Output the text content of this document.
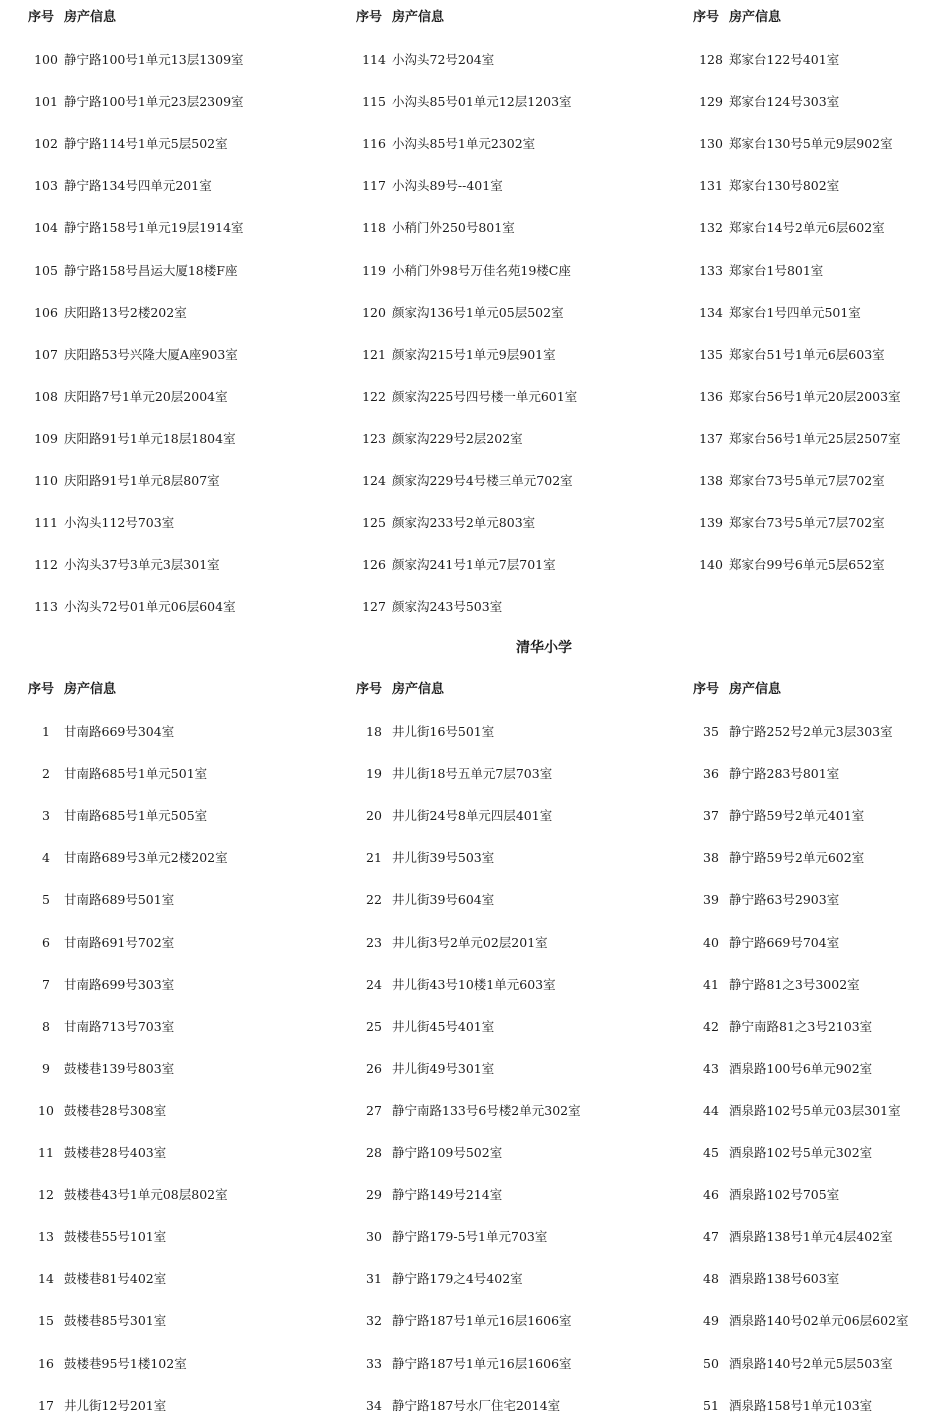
序号 房产信息
100 静宁路100号1单元13层1309室
101 静宁路100号1单元23层2309室
102 静宁路114号1单元5层502室
103 静宁路134号四单元201室
104 静宁路158号1单元19层1914室
105 静宁路158号昌运大厦18楼F座
106 庆阳路13号2楼202室
107 庆阳路53号兴隆大厦A座903室
108 庆阳路7号1单元20层2004室
109 庆阳路91号1单元18层1804室
110 庆阳路91号1单元8层807室
111 小沟头112号703室
112 小沟头37号3单元3层301室
113 小沟头72号01单元06层604室
序号 房产信息
114 小沟头72号204室
115 小沟头85号01单元12层1203室
116 小沟头85号1单元2302室
117 小沟头89号--401室
118 小稍门外250号801室
119 小稍门外98号万佳名苑19楼C座
120 颜家沟136号1单元05层502室
121 颜家沟215号1单元9层901室
122 颜家沟225号四号楼一单元601室
123 颜家沟229号2层202室
124 颜家沟229号4号楼三单元702室
125 颜家沟233号2单元803室
126 颜家沟241号1单元7层701室
127 颜家沟243号503室
序号 房产信息
128 郑家台122号401室
129 郑家台124号303室
130 郑家台130号5单元9层902室
131 郑家台130号802室
132 郑家台14号2单元6层602室
133 郑家台1号801室
134 郑家台1号四单元501室
135 郑家台51号1单元6层603室
136 郑家台56号1单元20层2003室
137 郑家台56号1单元25层2507室
138 郑家台73号5单元7层702室
139 郑家台73号5单元7层702室
140 郑家台99号6单元5层652室
清华小学
序号 房产信息
1 甘南路669号304室
2 甘南路685号1单元501室
3 甘南路685号1单元505室
4 甘南路689号3单元2楼202室
5 甘南路689号501室
6 甘南路691号702室
7 甘南路699号303室
8 甘南路713号703室
9 鼓楼巷139号803室
10 鼓楼巷28号308室
11 鼓楼巷28号403室
12 鼓楼巷43号1单元08层802室
13 鼓楼巷55号101室
14 鼓楼巷81号402室
15 鼓楼巷85号301室
16 鼓楼巷95号1楼102室
17 井儿街12号201室
序号 房产信息
18 井儿街16号501室
19 井儿街18号五单元7层703室
20 井儿街24号8单元四层401室
21 井儿街39号503室
22 井儿街39号604室
23 井儿街3号2单元02层201室
24 井儿街43号10楼1单元603室
25 井儿街45号401室
26 井儿街49号301室
27 静宁南路133号6号楼2单元302室
28 静宁路109号502室
29 静宁路149号214室
30 静宁路179-5号1单元703室
31 静宁路179之4号402室
32 静宁路187号1单元16层1606室
33 静宁路187号1单元16层1606室
34 静宁路187号水厂住宅2014室
序号 房产信息
35 静宁路252号2单元3层303室
36 静宁路283号801室
37 静宁路59号2单元401室
38 静宁路59号2单元602室
39 静宁路63号2903室
40 静宁路669号704室
41 静宁路81之3号3002室
42 静宁南路81之3号2103室
43 酒泉路100号6单元902室
44 酒泉路102号5单元03层301室
45 酒泉路102号5单元302室
46 酒泉路102号705室
47 酒泉路138号1单元4层402室
48 酒泉路138号603室
49 酒泉路140号02单元06层602室
50 酒泉路140号2单元5层503室
51 酒泉路158号1单元103室
